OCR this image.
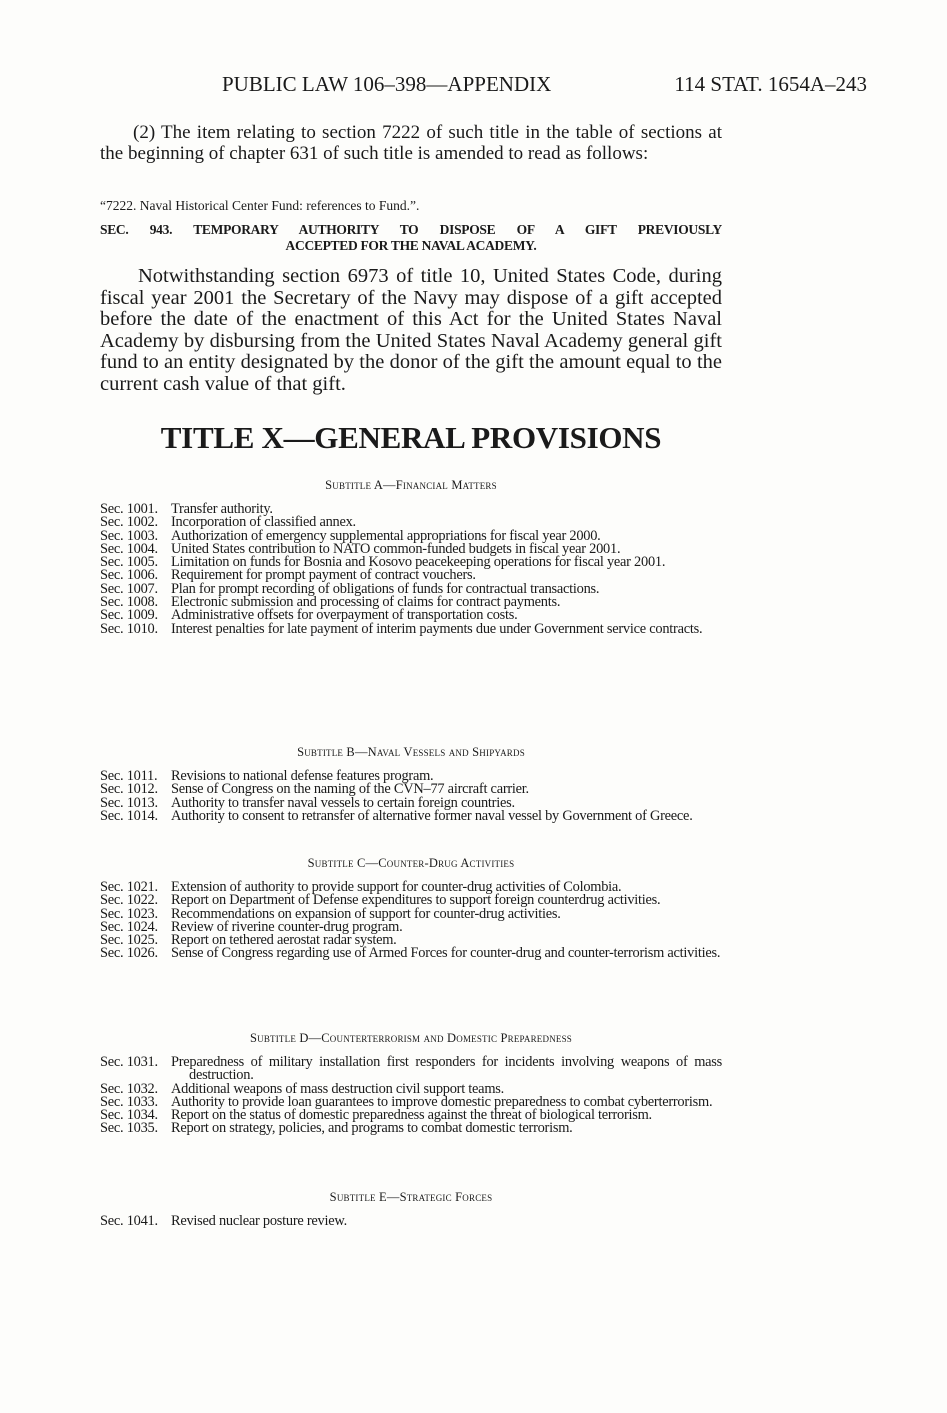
PUBLIC LAW 106–398—APPENDIX	114 STAT. 1654A–243
(2) The item relating to section 7222 of such title in the table of sections at the beginning of chapter 631 of such title is amended to read as follows:
“7222. Naval Historical Center Fund: references to Fund.”.
SEC. 943. TEMPORARY AUTHORITY TO DISPOSE OF A GIFT PREVIOUSLY
ACCEPTED FOR THE NAVAL ACADEMY.
Notwithstanding section 6973 of title 10, United States Code, during fiscal year 2001 the Secretary of the Navy may dispose of a gift accepted before the date of the enactment of this Act for the United States Naval Academy by disbursing from the United States Naval Academy general gift fund to an entity designated by the donor of the gift the amount equal to the current cash value of that gift.
TITLE X—GENERAL PROVISIONS
Subtitle A—Financial Matters
Sec. 1001. Transfer authority.
Sec. 1002. Incorporation of classified annex.
Sec. 1003. Authorization of emergency supplemental appropriations for fiscal year 2000.
Sec. 1004. United States contribution to NATO common-funded budgets in fiscal year 2001.
Sec. 1005. Limitation on funds for Bosnia and Kosovo peacekeeping operations for fiscal year 2001.
Sec. 1006. Requirement for prompt payment of contract vouchers.
Sec. 1007. Plan for prompt recording of obligations of funds for contractual transactions.
Sec. 1008. Electronic submission and processing of claims for contract payments.
Sec. 1009. Administrative offsets for overpayment of transportation costs.
Sec. 1010. Interest penalties for late payment of interim payments due under Government service contracts.
Subtitle B—Naval Vessels and Shipyards
Sec. 1011. Revisions to national defense features program.
Sec. 1012. Sense of Congress on the naming of the CVN–77 aircraft carrier.
Sec. 1013. Authority to transfer naval vessels to certain foreign countries.
Sec. 1014. Authority to consent to retransfer of alternative former naval vessel by Government of Greece.
Subtitle C—Counter-Drug Activities
Sec. 1021. Extension of authority to provide support for counter-drug activities of Colombia.
Sec. 1022. Report on Department of Defense expenditures to support foreign counterdrug activities.
Sec. 1023. Recommendations on expansion of support for counter-drug activities.
Sec. 1024. Review of riverine counter-drug program.
Sec. 1025. Report on tethered aerostat radar system.
Sec. 1026. Sense of Congress regarding use of Armed Forces for counter-drug and counter-terrorism activities.
Subtitle D—Counterterrorism and Domestic Preparedness
Sec. 1031. Preparedness of military installation first responders for incidents involving weapons of mass destruction.
Sec. 1032. Additional weapons of mass destruction civil support teams.
Sec. 1033. Authority to provide loan guarantees to improve domestic preparedness to combat cyberterrorism.
Sec. 1034. Report on the status of domestic preparedness against the threat of biological terrorism.
Sec. 1035. Report on strategy, policies, and programs to combat domestic terrorism.
Subtitle E—Strategic Forces
Sec. 1041. Revised nuclear posture review.
